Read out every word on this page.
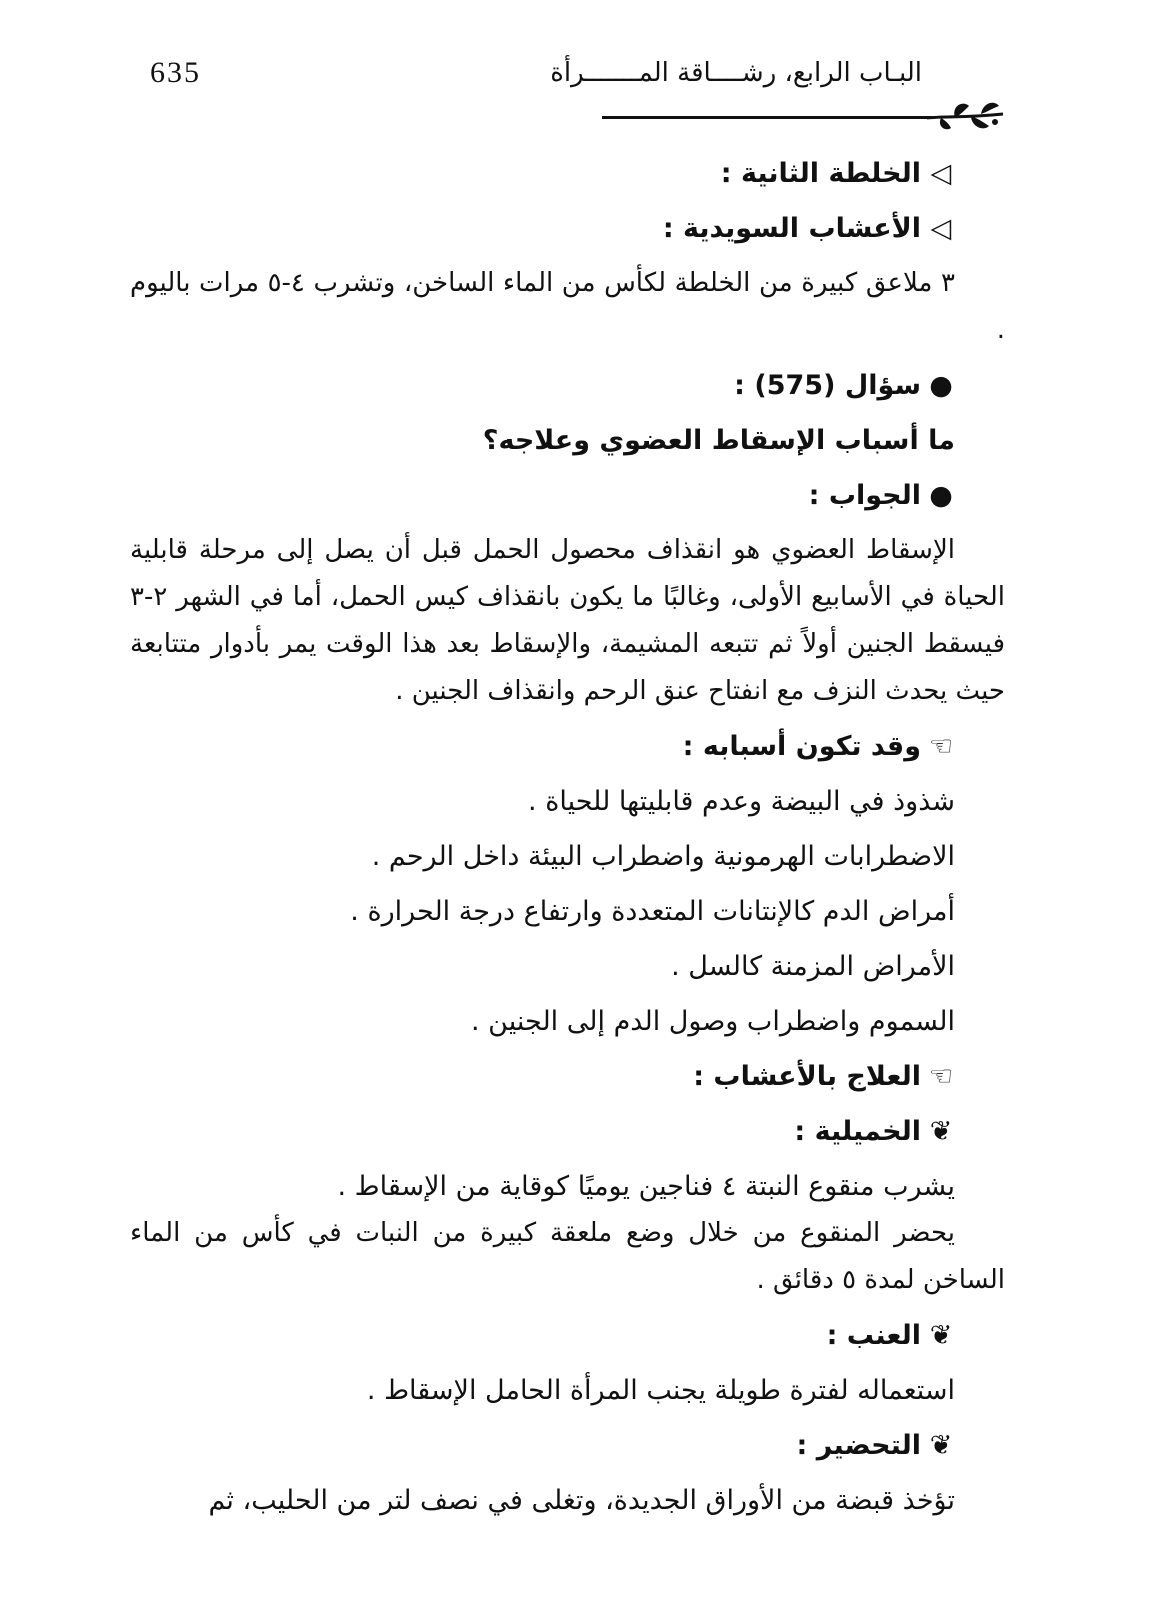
635	البـاب الرابع، رشــــاقة المـــــــرأة
◁الخلطة الثانية :
◁الأعشاب السويدية :
٣ ملاعق كبيرة من الخلطة لكأس من الماء الساخن، وتشرب ٤-٥ مرات باليوم .
●سؤال (575) :
ما أسباب الإسقاط العضوي وعلاجه؟
●الجواب :
الإسقاط العضوي هو انقذاف محصول الحمل قبل أن يصل إلى مرحلة قابلية الحياة في الأسابيع الأولى، وغالبًا ما يكون بانقذاف كيس الحمل، أما في الشهر ٢-٣ فيسقط الجنين أولاً ثم تتبعه المشيمة، والإسقاط بعد هذا الوقت يمر بأدوار متتابعة حيث يحدث النزف مع انفتاح عنق الرحم وانقذاف الجنين .
☜وقد تكون أسبابه :
شذوذ في البيضة وعدم قابليتها للحياة .
الاضطرابات الهرمونية واضطراب البيئة داخل الرحم .
أمراض الدم كالإنتانات المتعددة وارتفاع درجة الحرارة .
الأمراض المزمنة كالسل .
السموم واضطراب وصول الدم إلى الجنين .
☜العلاج بالأعشاب :
❦الخميلية :
يشرب منقوع النبتة ٤ فناجين يوميًا كوقاية من الإسقاط .
يحضر المنقوع من خلال وضع ملعقة كبيرة من النبات في كأس من الماء الساخن لمدة ٥ دقائق .
❦العنب :
استعماله لفترة طويلة يجنب المرأة الحامل الإسقاط .
❦التحضير :
تؤخذ قبضة من الأوراق الجديدة، وتغلى في نصف لتر من الحليب، ثم
